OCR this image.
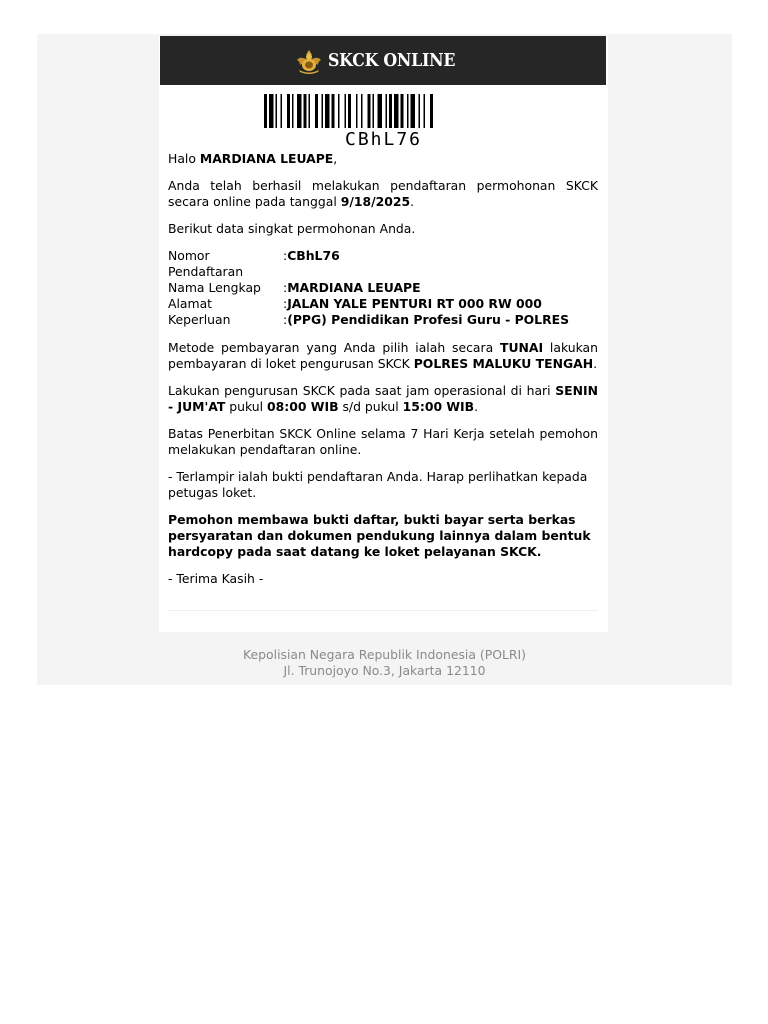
SKCK ONLINE
CBhL76

Halo MARDIANA LEUAPE,

Anda telah berhasil melakukan pendaftaran permohonan SKCK secara online pada tanggal 9/18/2025.

Berikut data singkat permohonan Anda.

Nomor Pendaftaran	:CBhL76
Nama Lengkap	:MARDIANA LEUAPE
Alamat	:JALAN YALE PENTURI RT 000 RW 000
Keperluan	:(PPG) Pendidikan Profesi Guru - POLRES

Metode pembayaran yang Anda pilih ialah secara TUNAI lakukan pembayaran di loket pengurusan SKCK POLRES MALUKU TENGAH.

Lakukan pengurusan SKCK pada saat jam operasional di hari SENIN - JUM'AT pukul 08:00 WIB s/d pukul 15:00 WIB.

Batas Penerbitan SKCK Online selama 7 Hari Kerja setelah pemohon melakukan pendaftaran online.

- Terlampir ialah bukti pendaftaran Anda. Harap perlihatkan kepada petugas loket.

Pemohon membawa bukti daftar, bukti bayar serta berkas persyaratan dan dokumen pendukung lainnya dalam bentuk hardcopy pada saat datang ke loket pelayanan SKCK.

- Terima Kasih -

Kepolisian Negara Republik Indonesia (POLRI)
Jl. Trunojoyo No.3, Jakarta 12110
